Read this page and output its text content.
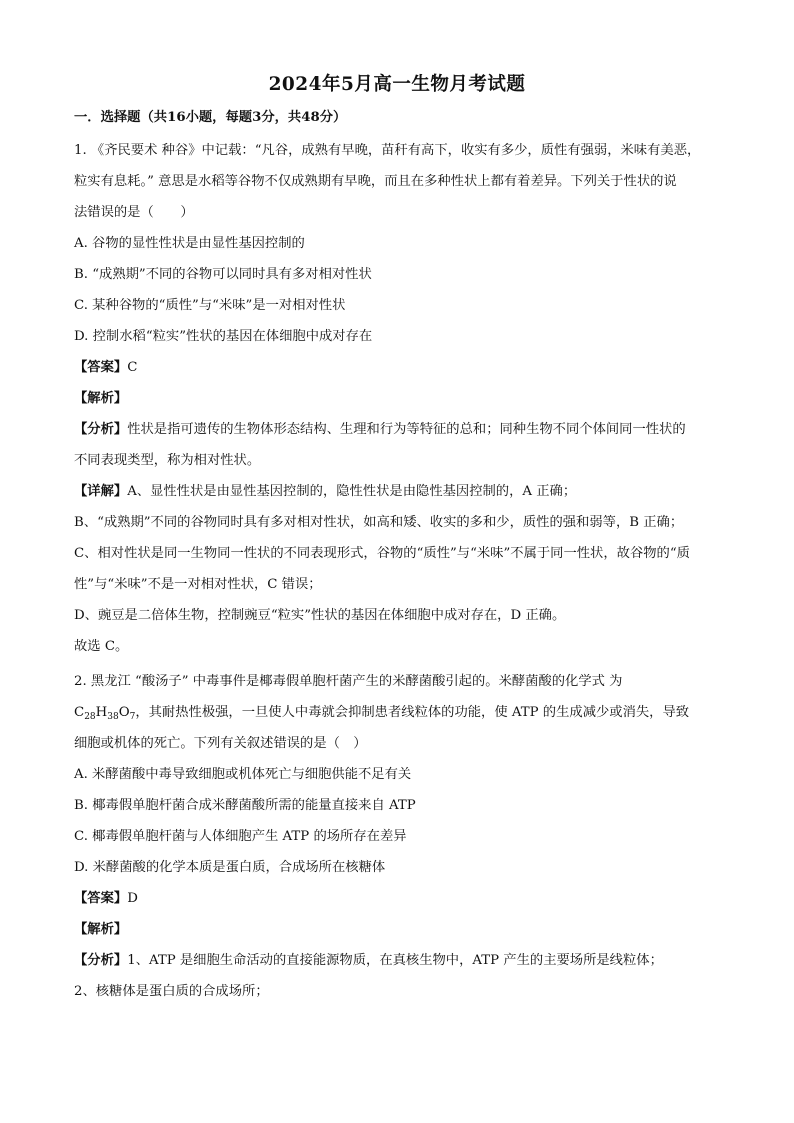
2024年5月高一生物月考试题
一．选择题（共16小题，每题3分，共48分）
1. 《齐民要术 种谷》中记载：“凡谷，成熟有早晚，苗秆有高下，收实有多少，质性有强弱，米味有美恶，
粒实有息耗。” 意思是水稻等谷物不仅成熟期有早晚，而且在多种性状上都有着差异。下列关于性状的说
法错误的是（　　）
A. 谷物的显性性状是由显性基因控制的
B. “成熟期”不同的谷物可以同时具有多对相对性状
C. 某种谷物的“质性”与“米味”是一对相对性状
D. 控制水稻“粒实”性状的基因在体细胞中成对存在
【答案】C
【解析】
【分析】性状是指可遗传的生物体形态结构、生理和行为等特征的总和；同种生物不同个体间同一性状的
不同表现类型，称为相对性状。
【详解】A、显性性状是由显性基因控制的，隐性性状是由隐性基因控制的，A 正确；
B、“成熟期”不同的谷物同时具有多对相对性状，如高和矮、收实的多和少，质性的强和弱等，B 正确；
C、相对性状是同一生物同一性状的不同表现形式，谷物的“质性”与“米味”不属于同一性状，故谷物的“质
性”与“米味”不是一对相对性状，C 错误；
D、豌豆是二倍体生物，控制豌豆“粒实”性状的基因在体细胞中成对存在，D 正确。
故选 C。
2. 黑龙江 “酸汤子” 中毒事件是椰毒假单胞杆菌产生的米酵菌酸引起的。米酵菌酸的化学式 为
$C_{28}H_{38}O_7$，其耐热性极强，一旦使人中毒就会抑制患者线粒体的功能，使 ATP 的生成减少或消失，导致
细胞或机体的死亡。下列有关叙述错误的是（　）
A. 米酵菌酸中毒导致细胞或机体死亡与细胞供能不足有关
B. 椰毒假单胞杆菌合成米酵菌酸所需的能量直接来自 ATP
C. 椰毒假单胞杆菌与人体细胞产生 ATP 的场所存在差异
D. 米酵菌酸的化学本质是蛋白质，合成场所在核糖体
【答案】D
【解析】
【分析】1、ATP 是细胞生命活动的直接能源物质，在真核生物中，ATP 产生的主要场所是线粒体；
2、核糖体是蛋白质的合成场所；
